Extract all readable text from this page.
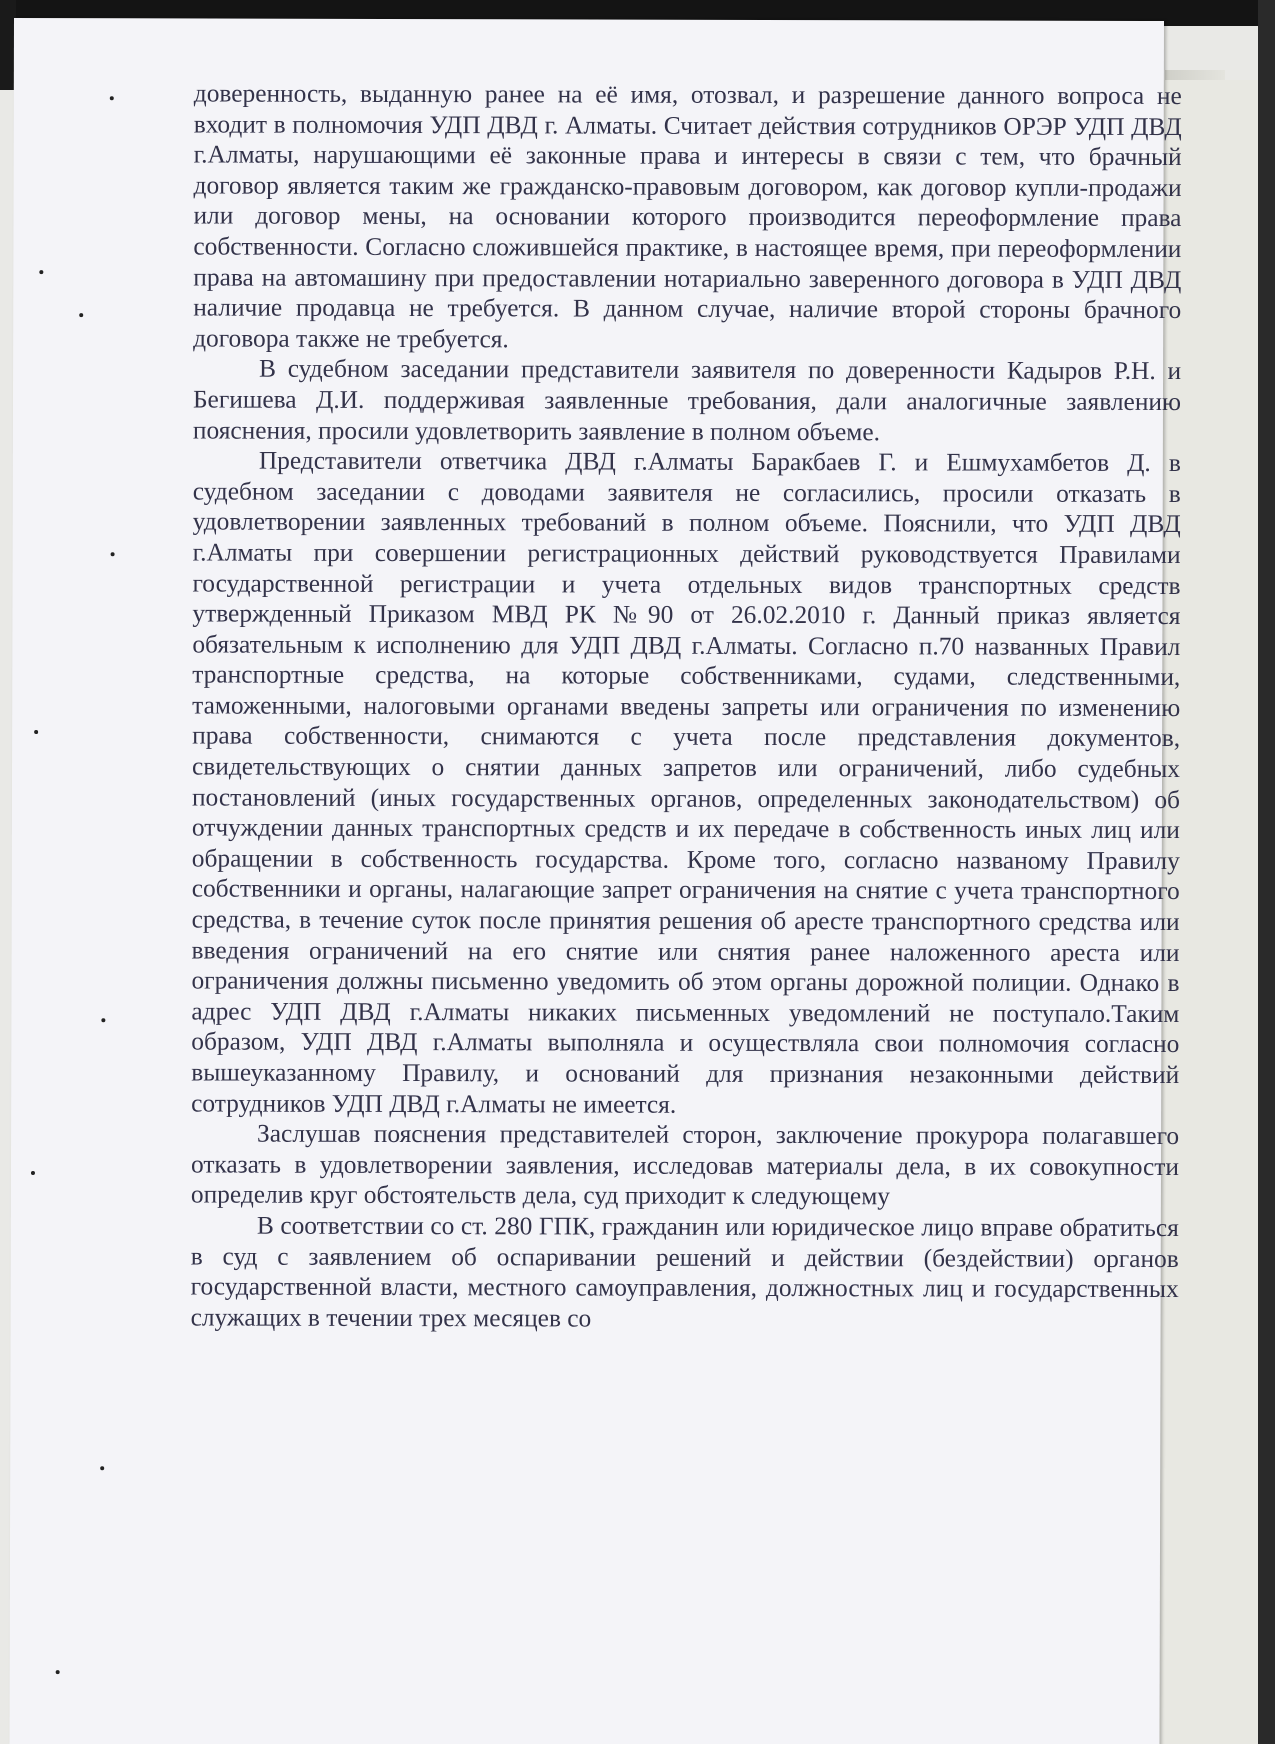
доверенность, выданную ранее на её имя, отозвал, и разрешение данного вопроса не входит в полномочия УДП ДВД г. Алматы. Считает действия сотрудников ОРЭР УДП ДВД г.Алматы, нарушающими её законные права и интересы в связи с тем, что брачный договор является таким же гражданско-правовым договором, как договор купли-продажи или договор мены, на основании которого производится переоформление права собственности. Согласно сложившейся практике, в настоящее время, при переоформлении права на автомашину при предоставлении нотариально заверенного договора в УДП ДВД наличие продавца не требуется. В данном случае, наличие второй стороны брачного договора также не требуется.

В судебном заседании представители заявителя по доверенности Кадыров Р.Н. и Бегишева Д.И. поддерживая заявленные требования, дали аналогичные заявлению пояснения, просили удовлетворить заявление в полном объеме.

Представители ответчика ДВД г.Алматы Баракбаев Г. и Ешмухамбетов Д. в судебном заседании с доводами заявителя не согласились, просили отказать в удовлетворении заявленных требований в полном объеме. Пояснили, что УДП ДВД г.Алматы при совершении регистрационных действий руководствуется Правилами государственной регистрации и учета отдельных видов транспортных средств утвержденный Приказом МВД РК №90 от 26.02.2010 г. Данный приказ является обязательным к исполнению для УДП ДВД г.Алматы. Согласно п.70 названных Правил транспортные средства, на которые собственниками, судами, следственными, таможенными, налоговыми органами введены запреты или ограничения по изменению права собственности, снимаются с учета после представления документов, свидетельствующих о снятии данных запретов или ограничений, либо судебных постановлений (иных государственных органов, определенных законодательством) об отчуждении данных транспортных средств и их передаче в собственность иных лиц или обращении в собственность государства. Кроме того, согласно названому Правилу собственники и органы, налагающие запрет ограничения на снятие с учета транспортного средства, в течение суток после принятия решения об аресте транспортного средства или введения ограничений на его снятие или снятия ранее наложенного ареста или ограничения должны письменно уведомить об этом органы дорожной полиции. Однако в адрес УДП ДВД г.Алматы никаких письменных уведомлений не поступало.Таким образом, УДП ДВД г.Алматы выполняла и осуществляла свои полномочия согласно вышеуказанному Правилу, и оснований для признания незаконными действий сотрудников УДП ДВД г.Алматы не имеется.

Заслушав пояснения представителей сторон, заключение прокурора полагавшего отказать в удовлетворении заявления, исследовав материалы дела, в их совокупности определив круг обстоятельств дела, суд приходит к следующему

В соответствии со ст. 280 ГПК, гражданин или юридическое лицо вправе обратиться в суд с заявлением об оспаривании решений и действии (бездействии) органов государственной власти, местного самоуправления, должностных лиц и государственных служащих в течении трех месяцев со
